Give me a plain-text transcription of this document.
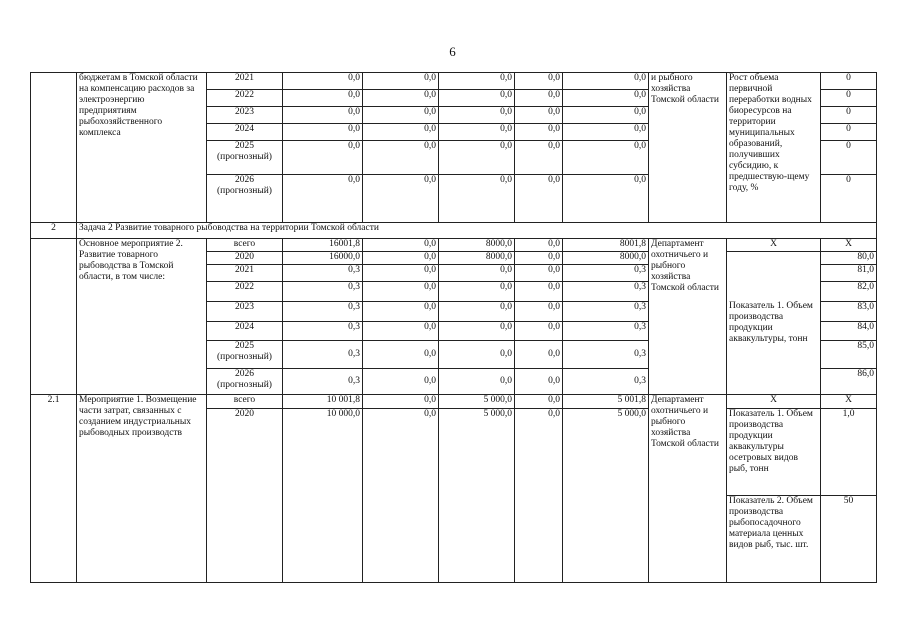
6
	бюджетам в Томской области на компенсацию расходов за электроэнергию предприятиям рыбохозяйственного комплекса	2021	0,0	0,0	0,0	0,0	0,0	и рыбного хозяйства Томской области	Рост объема первичной переработки водных биоресурсов на территории муниципальных образований, получивших субсидию, к предшествую-щему году, %	0
		2022	0,0	0,0	0,0	0,0	0,0			0
		2023	0,0	0,0	0,0	0,0	0,0			0
		2024	0,0	0,0	0,0	0,0	0,0			0
		2025 (прогнозный)	0,0	0,0	0,0	0,0	0,0			0
		2026 (прогнозный)	0,0	0,0	0,0	0,0	0,0			0
2	Задача 2 Развитие товарного рыбоводства на территории Томской области									
	Основное мероприятие 2. Развитие товарного рыбоводства в Томской области, в том числе:	всего	16001,8	0,0	8000,0	0,0	8001,8	Департамент охотничьего и рыбного хозяйства Томской области	X	X
		2020	16000,0	0,0	8000,0	0,0	8000,0		Показатель 1. Объем производства продукции аквакультуры, тонн	80,0
		2021	0,3	0,0	0,0	0,0	0,3			81,0
		2022	0,3	0,0	0,0	0,0	0,3			82,0
		2023	0,3	0,0	0,0	0,0	0,3			83,0
		2024	0,3	0,0	0,0	0,0	0,3			84,0
		2025 (прогнозный)	0,3	0,0	0,0	0,0	0,3			85,0
		2026 (прогнозный)	0,3	0,0	0,0	0,0	0,3			86,0
2.1	Мероприятие 1. Возмещение части затрат, связанных с созданием индустриальных рыбоводных производств	всего	10 001,8	0,0	5 000,0	0,0	5 001,8	Департамент охотничьего и рыбного хозяйства Томской области	X	X
		2020	10 000,0	0,0	5 000,0	0,0	5 000,0		Показатель 1. Объем производства продукции аквакультуры осетровых видов рыб, тонн	1,0
									Показатель 2. Объем производства рыбопосадочного материала ценных видов рыб, тыс. шт.	50
